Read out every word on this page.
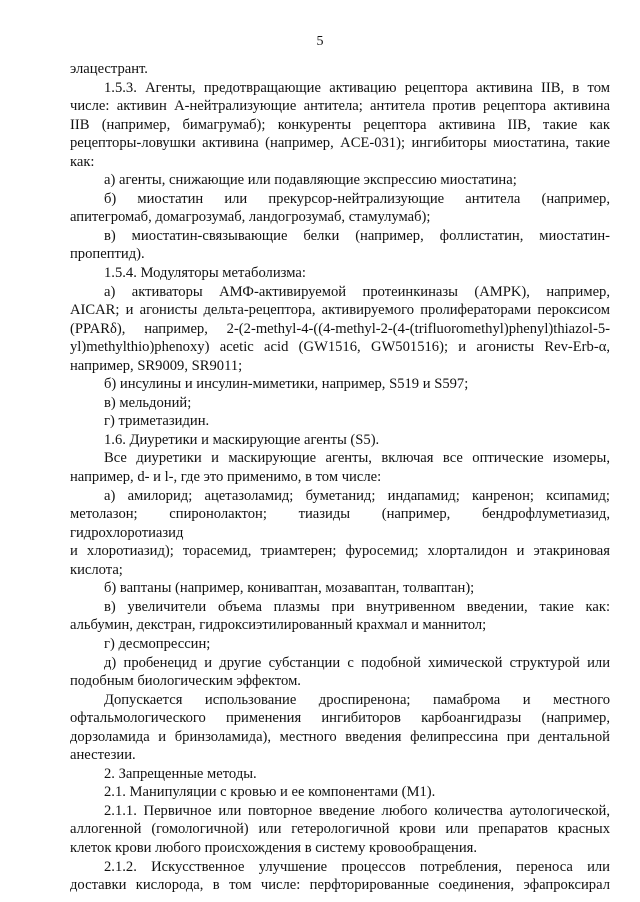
5
элацестрант.
1.5.3. Агенты, предотвращающие активацию рецептора активина IIB, в том
числе: активин А-нейтрализующие антитела; антитела против рецептора активина
IIB (например, бимагрумаб); конкуренты рецептора активина IIB, такие как
рецепторы-ловушки активина (например, ACE-031); ингибиторы миостатина, такие
как:
а) агенты, снижающие или подавляющие экспрессию миостатина;
б) миостатин или прекурсор-нейтрализующие антитела (например,
апитегромаб, домагрозумаб, ландогрозумаб, стамулумаб);
в) миостатин-связывающие белки (например, фоллистатин, миостатин-
пропептид).
1.5.4. Модуляторы метаболизма:
а) активаторы АМФ-активируемой протеинкиназы (AMPK), например,
AICAR; и агонисты дельта-рецептора, активируемого пролифераторами пероксисом
(PPARδ), например, 2-(2-methyl-4-((4-methyl-2-(4-(trifluoromethyl)phenyl)thiazol-5-
yl)methylthio)phenoxy) acetic acid (GW1516, GW501516); и агонисты Rev-Erb-α,
например, SR9009, SR9011;
б) инсулины и инсулин-миметики, например, S519 и S597;
в) мельдоний;
г) триметазидин.
1.6. Диуретики и маскирующие агенты (S5).
Все диуретики и маскирующие агенты, включая все оптические изомеры,
например, d- и l-, где это применимо, в том числе:
а) амилорид; ацетазоламид; буметанид; индапамид; канренон; ксипамид;
метолазон; спиронолактон; тиазиды (например, бендрофлуметиазид,
гидрохлоротиазид
и хлоротиазид); торасемид, триамтерен; фуросемид; хлорталидон и этакриновая
кислота;
б) ваптаны (например, кониваптан, мозаваптан, толваптан);
в) увеличители объема плазмы при внутривенном введении, такие как:
альбумин, декстран, гидроксиэтилированный крахмал и маннитол;
г) десмопрессин;
д) пробенецид и другие субстанции с подобной химической структурой или
подобным биологическим эффектом.
Допускается использование дроспиренона; памаброма и местного
офтальмологического применения ингибиторов карбоангидразы (например,
дорзоламида и бринзоламида), местного введения фелипрессина при дентальной
анестезии.
2. Запрещенные методы.
2.1. Манипуляции с кровью и ее компонентами (M1).
2.1.1. Первичное или повторное введение любого количества аутологической,
аллогенной (гомологичной) или гетерологичной крови или препаратов красных
клеток крови любого происхождения в систему кровообращения.
2.1.2. Искусственное улучшение процессов потребления, переноса или
доставки кислорода, в том числе: перфторированные соединения, эфапроксирал
